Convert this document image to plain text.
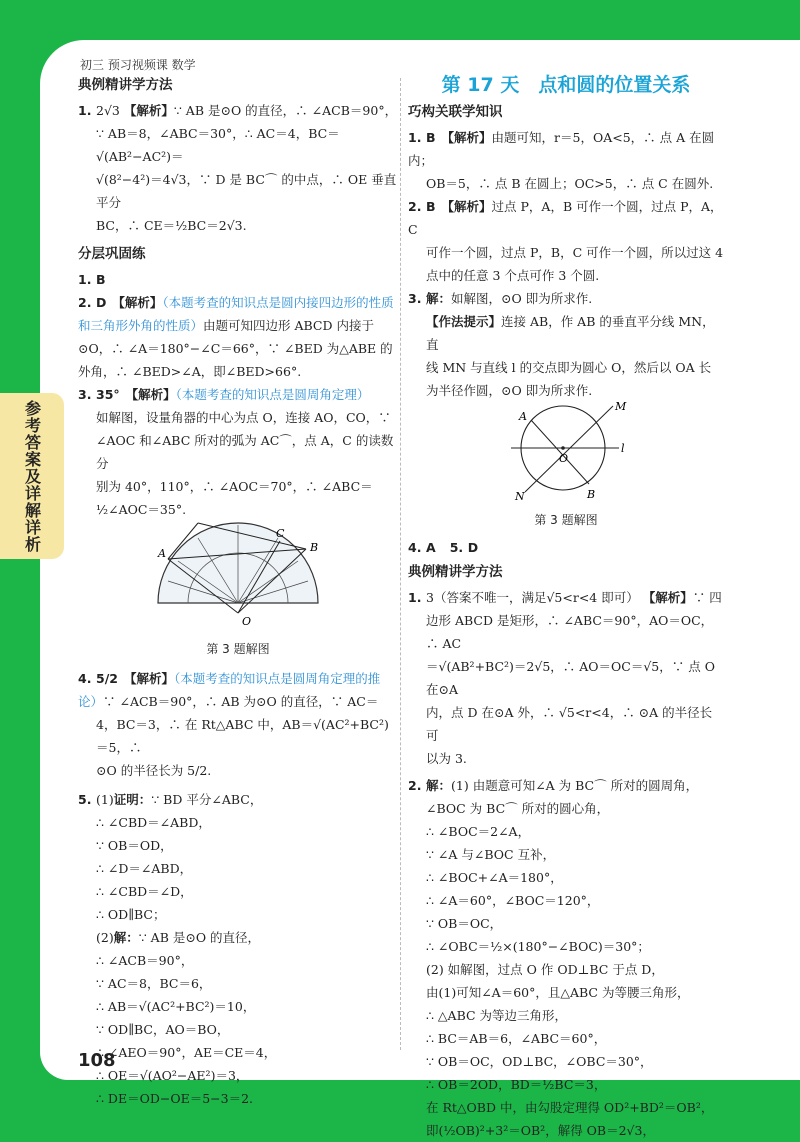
参考答案及详解详析
初三 预习视频课 数学
典例精讲学方法

1. 2√3 【解析】∵ AB 是⊙O 的直径，∴ ∠ACB＝90°，

∵ AB＝8，∠ABC＝30°，∴ AC＝4，BC＝√(AB²−AC²)＝

√(8²−4²)＝4√3，∵ D 是 BC⌒ 的中点，∴ OE 垂直平分

BC，∴ CE＝½BC＝2√3.

分层巩固练

1. B

2. D 【解析】（本题考查的知识点是圆内接四边形的性质和三角形外角的性质）由题可知四边形 ABCD 内接于⊙O，∴ ∠A＝180°−∠C＝66°，∵ ∠BED 为△ABE 的外角，∴ ∠BED>∠A，即∠BED>66°.

3. 35° 【解析】（本题考查的知识点是圆周角定理）

如解图，设量角器的中心为点 O，连接 AO，CO，∵

∠AOC 和∠ABC 所对的弧为 AC⌒，点 A，C 的读数分

别为 40°，110°，∴ ∠AOC＝70°，∴ ∠ABC＝

½∠AOC＝35°.

A
C
B
O
第 3 题解图

4. 5/2 【解析】（本题考查的知识点是圆周角定理的推论）∵ ∠ACB＝90°，∴ AB 为⊙O 的直径，∵ AC＝

4，BC＝3，∴ 在 Rt△ABC 中，AB＝√(AC²+BC²)＝5，∴

⊙O 的半径长为 5/2.

5. (1)证明：∵ BD 平分∠ABC，

∴ ∠CBD＝∠ABD，

∵ OB＝OD，

∴ ∠D＝∠ABD，

∴ ∠CBD＝∠D，

∴ OD∥BC；

(2)解：∵ AB 是⊙O 的直径，

∴ ∠ACB＝90°，

∵ AC＝8，BC＝6，

∴ AB＝√(AC²+BC²)＝10，

∵ OD∥BC，AO＝BO，

∴ ∠AEO＝90°，AE＝CE＝4，

∴ OE＝√(AO²−AE²)＝3，

∴ DE＝OD−OE＝5−3＝2.

第 17 天　点和圆的位置关系
巧构关联学知识

1. B 【解析】由题可知，r＝5，OA<5，∴ 点 A 在圆内；

OB＝5，∴ 点 B 在圆上；OC>5，∴ 点 C 在圆外.

2. B 【解析】过点 P，A，B 可作一个圆，过点 P，A，C

可作一个圆，过点 P，B，C 可作一个圆，所以过这 4

点中的任意 3 个点可作 3 个圆.

3. 解：如解图，⊙O 即为所求作.

【作法提示】连接 AB，作 AB 的垂直平分线 MN，直

线 MN 与直线 l 的交点即为圆心 O，然后以 OA 长

为半径作圆，⊙O 即为所求作.

A
M
O
l
N	B
第 3 题解图

4. A 5. D

典例精讲学方法

1. 3（答案不唯一，满足√5<r<4 即可） 【解析】∵ 四

边形 ABCD 是矩形，∴ ∠ABC＝90°，AO＝OC，∴ AC

＝√(AB²+BC²)＝2√5，∴ AO＝OC＝√5，∵ 点 O 在⊙A

内，点 D 在⊙A 外，∴ √5<r<4，∴ ⊙A 的半径长可

以为 3.

2. 解：(1) 由题意可知∠A 为 BC⌒ 所对的圆周角，

∠BOC 为 BC⌒ 所对的圆心角，

∴ ∠BOC＝2∠A，

∵ ∠A 与∠BOC 互补，

∴ ∠BOC+∠A＝180°，

∴ ∠A＝60°，∠BOC＝120°，

∵ OB＝OC，

∴ ∠OBC＝½×(180°−∠BOC)＝30°；

(2) 如解图，过点 O 作 OD⊥BC 于点 D，

由(1)可知∠A＝60°，且△ABC 为等腰三角形，

∴ △ABC 为等边三角形，

∴ BC＝AB＝6，∠ABC＝60°，

∵ OB＝OC，OD⊥BC，∠OBC＝30°，

∴ OB＝2OD，BD＝½BC＝3，

在 Rt△OBD 中，由勾股定理得 OD²+BD²＝OB²，

即(½OB)²+3²＝OB²，解得 OB＝2√3，

108
